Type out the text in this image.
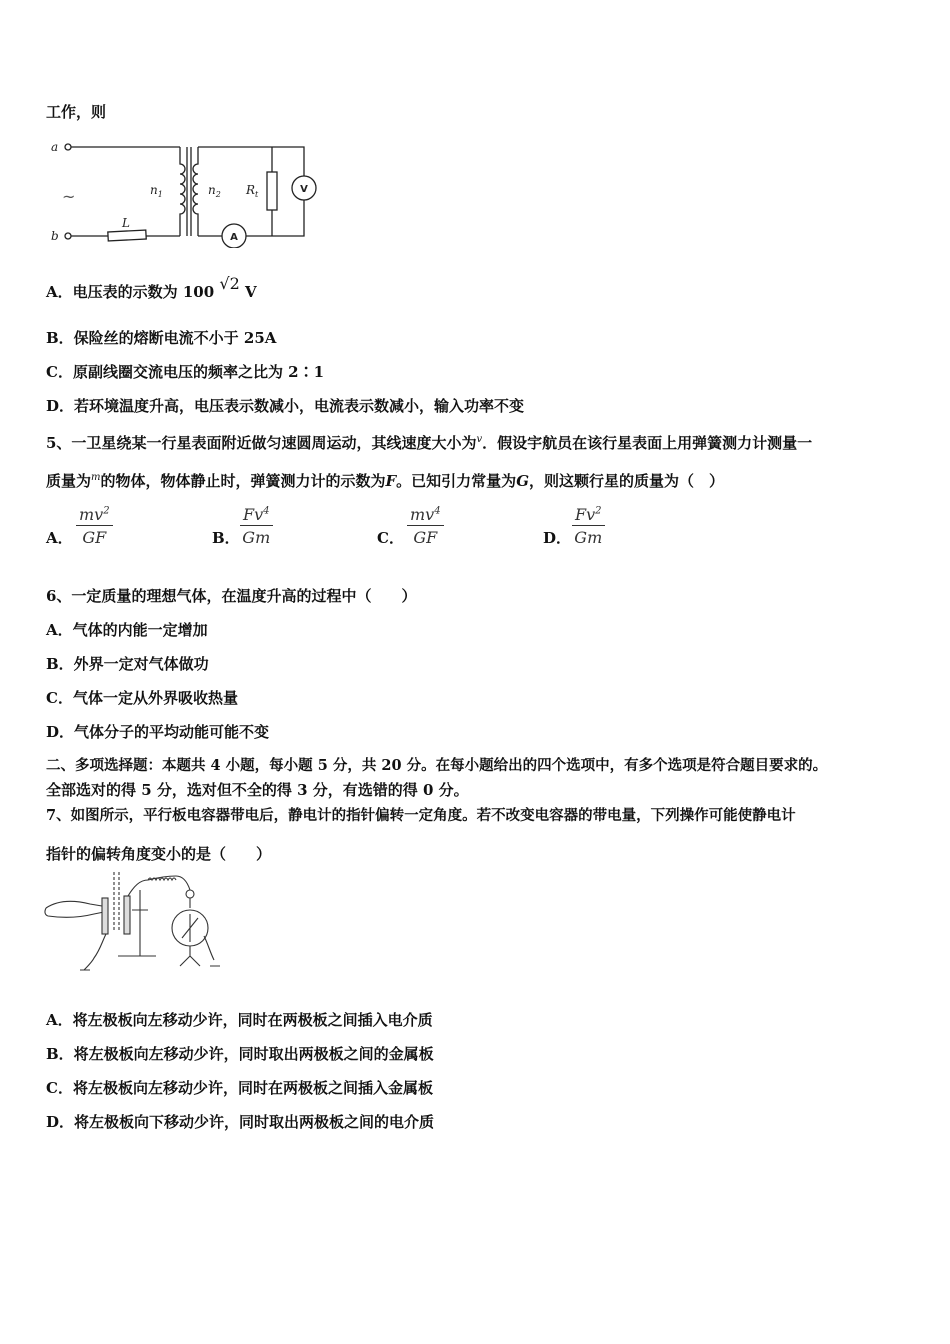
工作，则
a
b
$n_1$	$n_2$
L
$R_t$	V
A
~
A．电压表的示数为 100 √2 V
B．保险丝的熔断电流不小于 25A
C．原副线圈交流电压的频率之比为 2∶1
D．若环境温度升高，电压表示数减小，电流表示数减小，输入功率不变
5、一卫星绕某一行星表面附近做匀速圆周运动，其线速度大小为$^v$．假设宇航员在该行星表面上用弹簧测力计测量一
质量为$^m$的物体，物体静止时，弹簧测力计的示数为F。已知引力常量为G，则这颗行星的质量为（　）
A． $\frac{mv^2}{GF}$	B． $\frac{Fv^4}{Gm}$	C． $\frac{mv^4}{GF}$	D． $\frac{Fv^2}{Gm}$
6、一定质量的理想气体，在温度升高的过程中（　　）
A．气体的内能一定增加
B．外界一定对气体做功
C．气体一定从外界吸收热量
D．气体分子的平均动能可能不变
二、多项选择题：本题共 4 小题，每小题 5 分，共 20 分。在每小题给出的四个选项中，有多个选项是符合题目要求的。
全部选对的得 5 分，选对但不全的得 3 分，有选错的得 0 分。
7、如图所示，平行板电容器带电后，静电计的指针偏转一定角度。若不改变电容器的带电量，下列操作可能使静电计
指针的偏转角度变小的是（　　）
A．将左极板向左移动少许，同时在两极板之间插入电介质
B．将左极板向左移动少许，同时取出两极板之间的金属板
C．将左极板向左移动少许，同时在两极板之间插入金属板
D．将左极板向下移动少许，同时取出两极板之间的电介质
